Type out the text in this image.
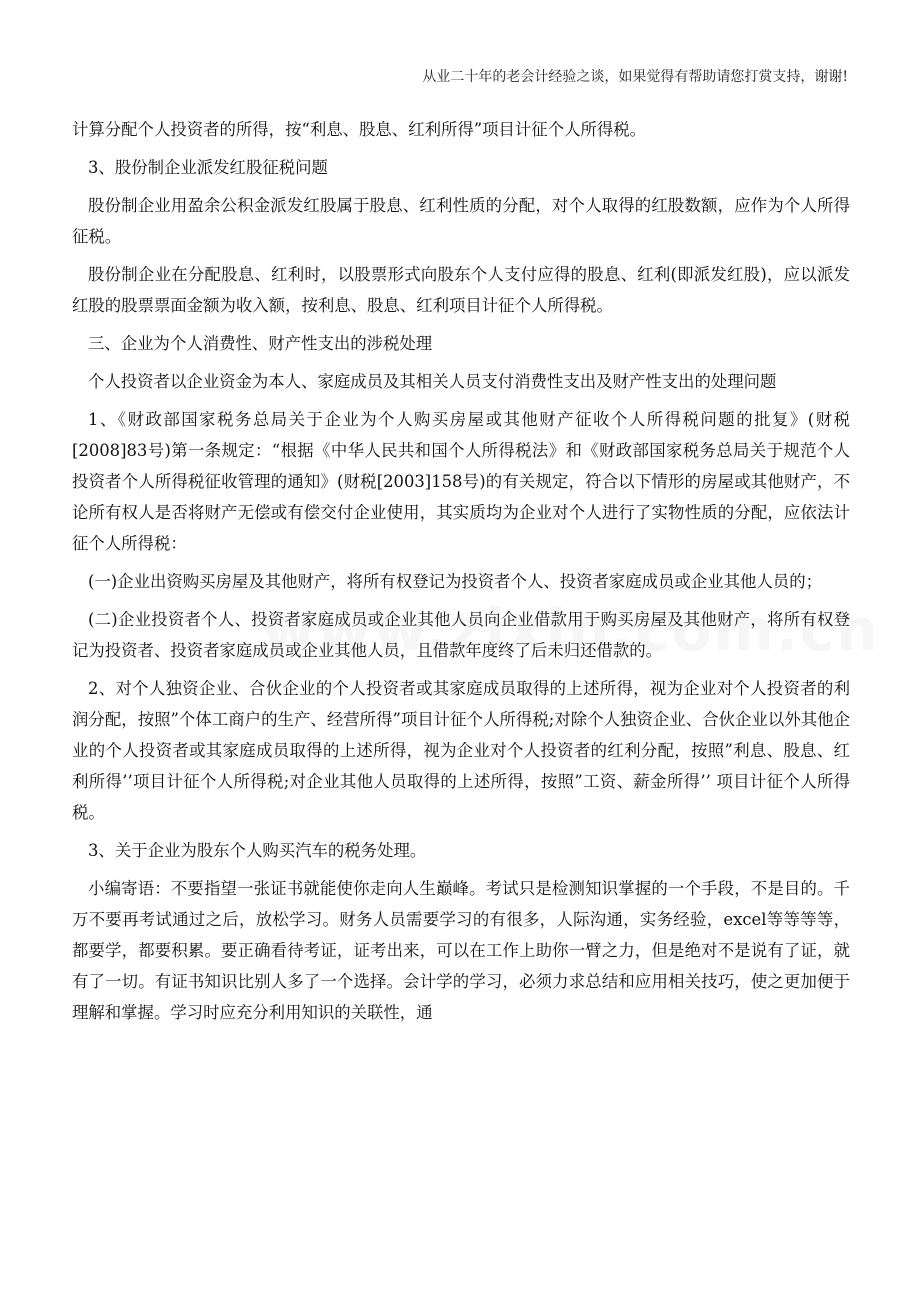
从业二十年的老会计经验之谈，如果觉得有帮助请您打赏支持，谢谢!

计算分配个人投资者的所得，按“利息、股息、红利所得”项目计征个人所得税。

3、股份制企业派发红股征税问题

股份制企业用盈余公积金派发红股属于股息、红利性质的分配，对个人取得的红股数额，应作为个人所得征税。

股份制企业在分配股息、红利时，以股票形式向股东个人支付应得的股息、红利(即派发红股)，应以派发红股的股票票面金额为收入额，按利息、股息、红利项目计征个人所得税。

三、企业为个人消费性、财产性支出的涉税处理

个人投资者以企业资金为本人、家庭成员及其相关人员支付消费性支出及财产性支出的处理问题

1、《财政部国家税务总局关于企业为个人购买房屋或其他财产征收个人所得税问题的批复》(财税[2008]83号)第一条规定：“根据《中华人民共和国个人所得税法》和《财政部国家税务总局关于规范个人投资者个人所得税征收管理的通知》(财税[2003]158号)的有关规定，符合以下情形的房屋或其他财产，不论所有权人是否将财产无偿或有偿交付企业使用，其实质均为企业对个人进行了实物性质的分配，应依法计征个人所得税：

(一)企业出资购买房屋及其他财产，将所有权登记为投资者个人、投资者家庭成员或企业其他人员的；

(二)企业投资者个人、投资者家庭成员或企业其他人员向企业借款用于购买房屋及其他财产，将所有权登记为投资者、投资者家庭成员或企业其他人员，且借款年度终了后未归还借款的。

2、对个人独资企业、合伙企业的个人投资者或其家庭成员取得的上述所得，视为企业对个人投资者的利润分配，按照”个体工商户的生产、经营所得”项目计征个人所得税;对除个人独资企业、合伙企业以外其他企业的个人投资者或其家庭成员取得的上述所得，视为企业对个人投资者的红利分配，按照”利息、股息、红利所得’’项目计征个人所得税;对企业其他人员取得的上述所得，按照”工资、薪金所得’’ 项目计征个人所得税。

3、关于企业为股东个人购买汽车的税务处理。

小编寄语：不要指望一张证书就能使你走向人生巅峰。考试只是检测知识掌握的一个手段，不是目的。千万不要再考试通过之后，放松学习。财务人员需要学习的有很多，人际沟通，实务经验，excel等等等等，都要学，都要积累。要正确看待考证，证考出来，可以在工作上助你一臂之力，但是绝对不是说有了证，就有了一切。有证书知识比别人多了一个选择。会计学的学习，必须力求总结和应用相关技巧，使之更加便于理解和掌握。学习时应充分利用知识的关联性，通
